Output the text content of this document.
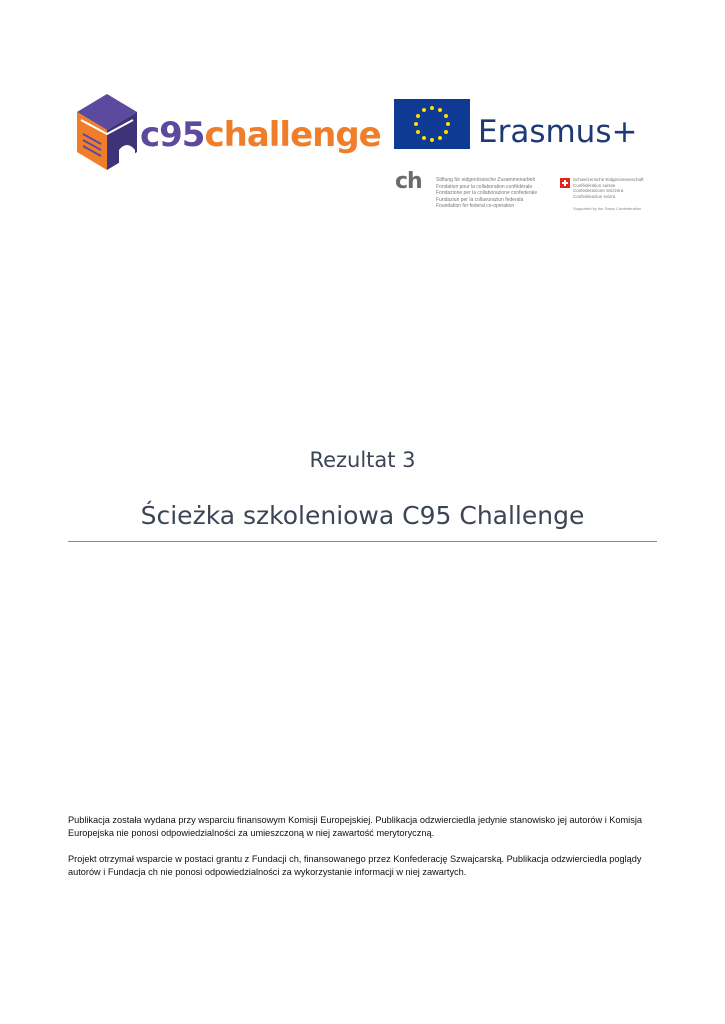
c95challenge	Erasmus+
ch	Stiftung für eidgenössische Zusammenarbeit
Fondation pour la collaboration confédérale
Fondazione per la collaborazione confederale
Fundaziun per la collavuraziun federala
Foundation for federal co-operation
Schweizerische Eidgenossenschaft
Confédération suisse
Confederazione Svizzera
Confederaziun svizra
Supported by the Swiss Confederation
Rezultat 3
Ścieżka szkoleniowa C95 Challenge
Publikacja została wydana przy wsparciu finansowym Komisji Europejskiej. Publikacja odzwierciedla jedynie stanowisko jej autorów i Komisja Europejska nie ponosi odpowiedzialności za umieszczoną w niej zawartość merytoryczną.
Projekt otrzymał wsparcie w postaci grantu z Fundacji ch, finansowanego przez Konfederację Szwajcarską. Publikacja odzwierciedla poglądy autorów i Fundacja ch nie ponosi odpowiedzialności za wykorzystanie informacji w niej zawartych.
